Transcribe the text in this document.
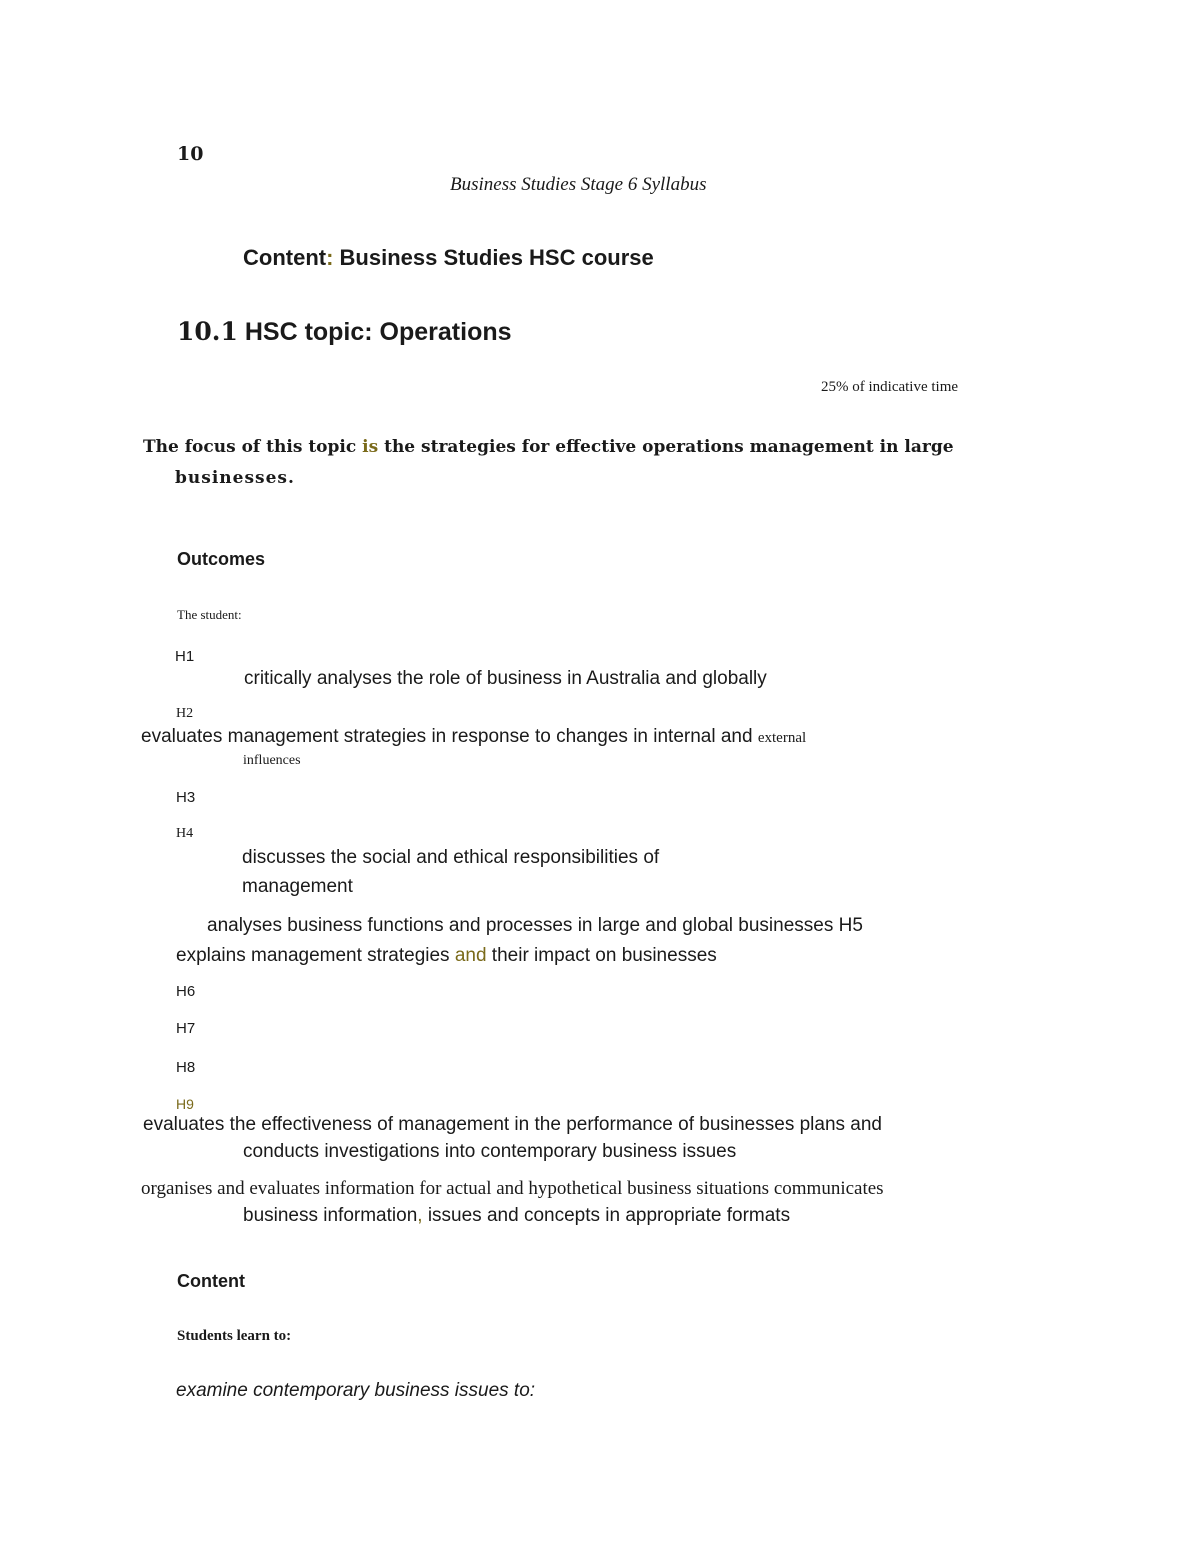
10
Business Studies Stage 6 Syllabus
Content: Business Studies HSC course
10.1 HSC topic: Operations
25% of indicative time
The focus of this topic is the strategies for effective operations management in large
businesses.
Outcomes
The student:
H1
critically analyses the role of business in Australia and globally
H2
evaluates management strategies in response to changes in internal and external
influences
H3
H4
discusses the social and ethical responsibilities of
management
analyses business functions and processes in large and global businesses H5
explains management strategies and their impact on businesses
H6
H7
H8
H9
evaluates the effectiveness of management in the performance of businesses plans and
conducts investigations into contemporary business issues
organises and evaluates information for actual and hypothetical business situations communicates
business information, issues and concepts in appropriate formats
Content
Students learn to:
examine contemporary business issues to:
